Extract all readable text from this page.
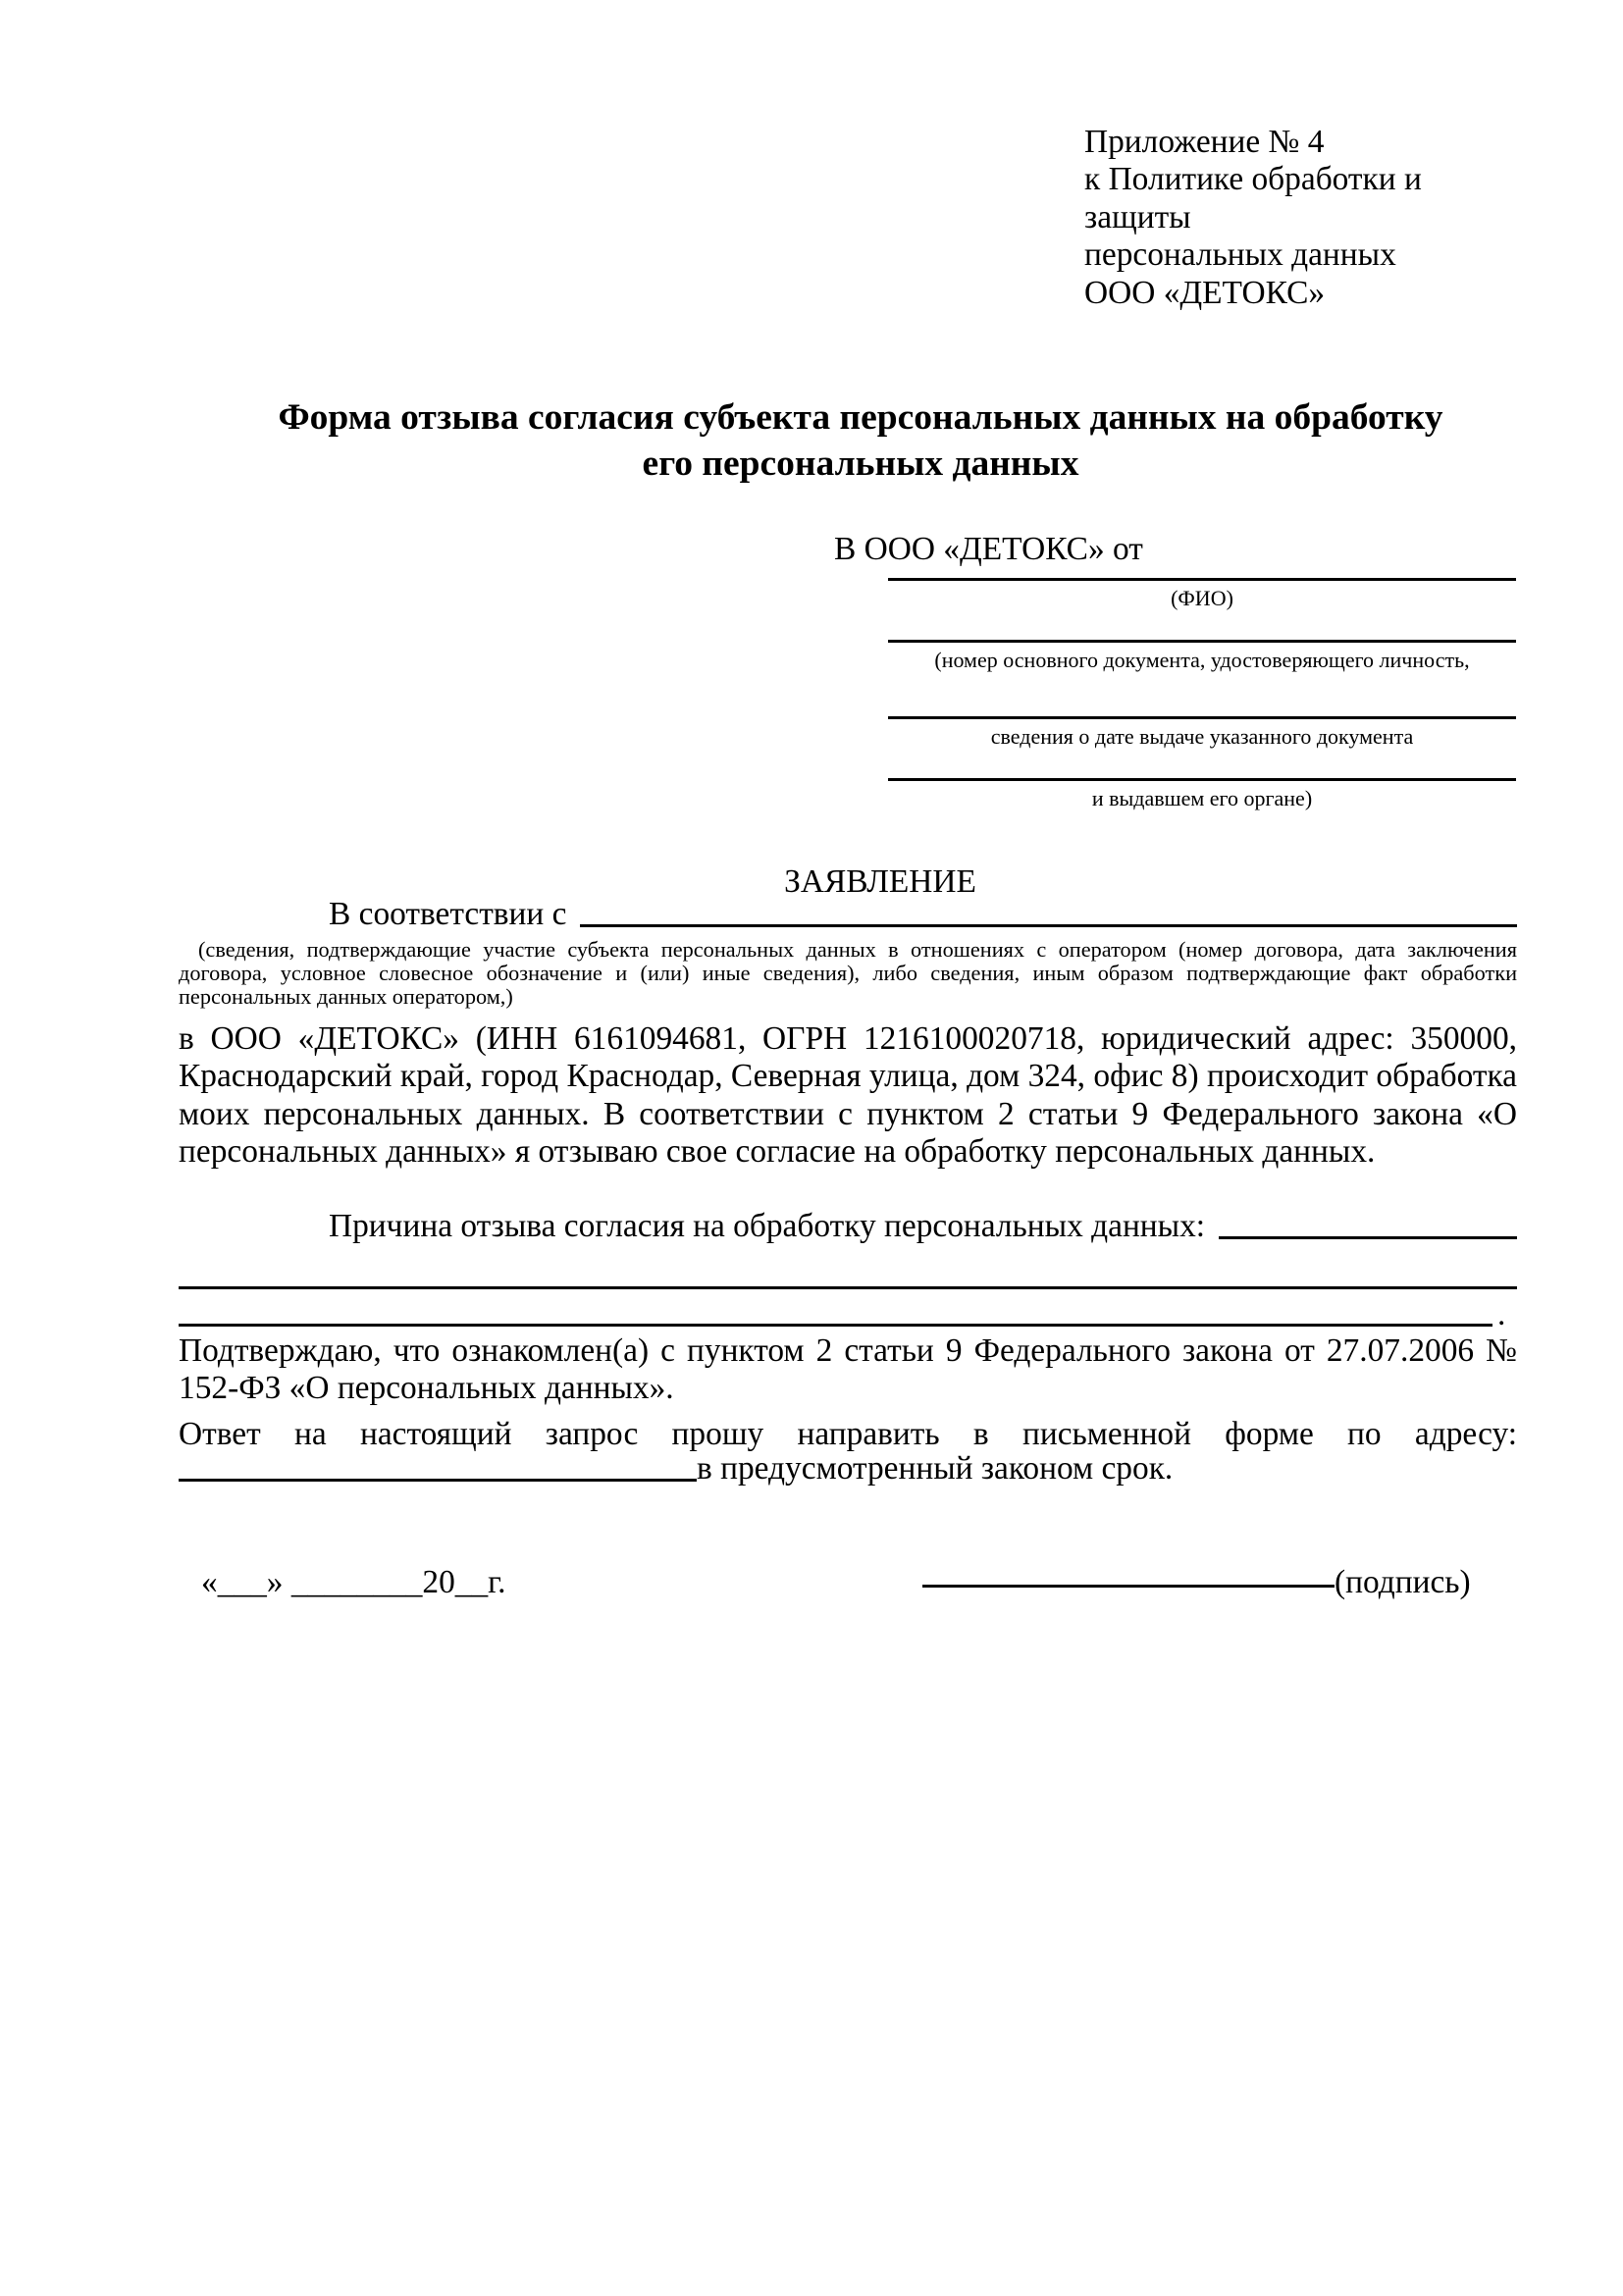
Приложение № 4
к Политике обработки и защиты
персональных данных
ООО «ДЕТОКС»
Форма отзыва согласия субъекта персональных данных на обработку
его персональных данных
В ООО «ДЕТОКС» от
(ФИО)
(номер основного документа, удостоверяющего личность,
сведения о дате выдаче указанного документа
и выдавшем его органе)
ЗАЯВЛЕНИЕ
В соответствии с
(сведения, подтверждающие участие субъекта персональных данных в отношениях с оператором (номер договора, дата заключения договора, условное словесное обозначение и (или) иные сведения), либо сведения, иным образом подтверждающие факт обработки персональных данных оператором,)
в ООО «ДЕТОКС» (ИНН 6161094681, ОГРН 1216100020718, юридический адрес: 350000, Краснодарский край, город Краснодар, Северная улица, дом 324, офис 8) происходит обработка моих персональных данных. В соответствии с пунктом 2 статьи 9 Федерального закона «О персональных данных» я отзываю свое согласие на обработку персональных данных.
Причина отзыва согласия на обработку персональных данных:
.
Подтверждаю, что ознакомлен(а) с пунктом 2 статьи 9 Федерального закона от 27.07.2006 № 152-ФЗ «О персональных данных».
Ответ на настоящий запрос прошу направить в письменной форме по адресу:
в предусмотренный законом срок.
«___» ________20__г.	(подпись)
